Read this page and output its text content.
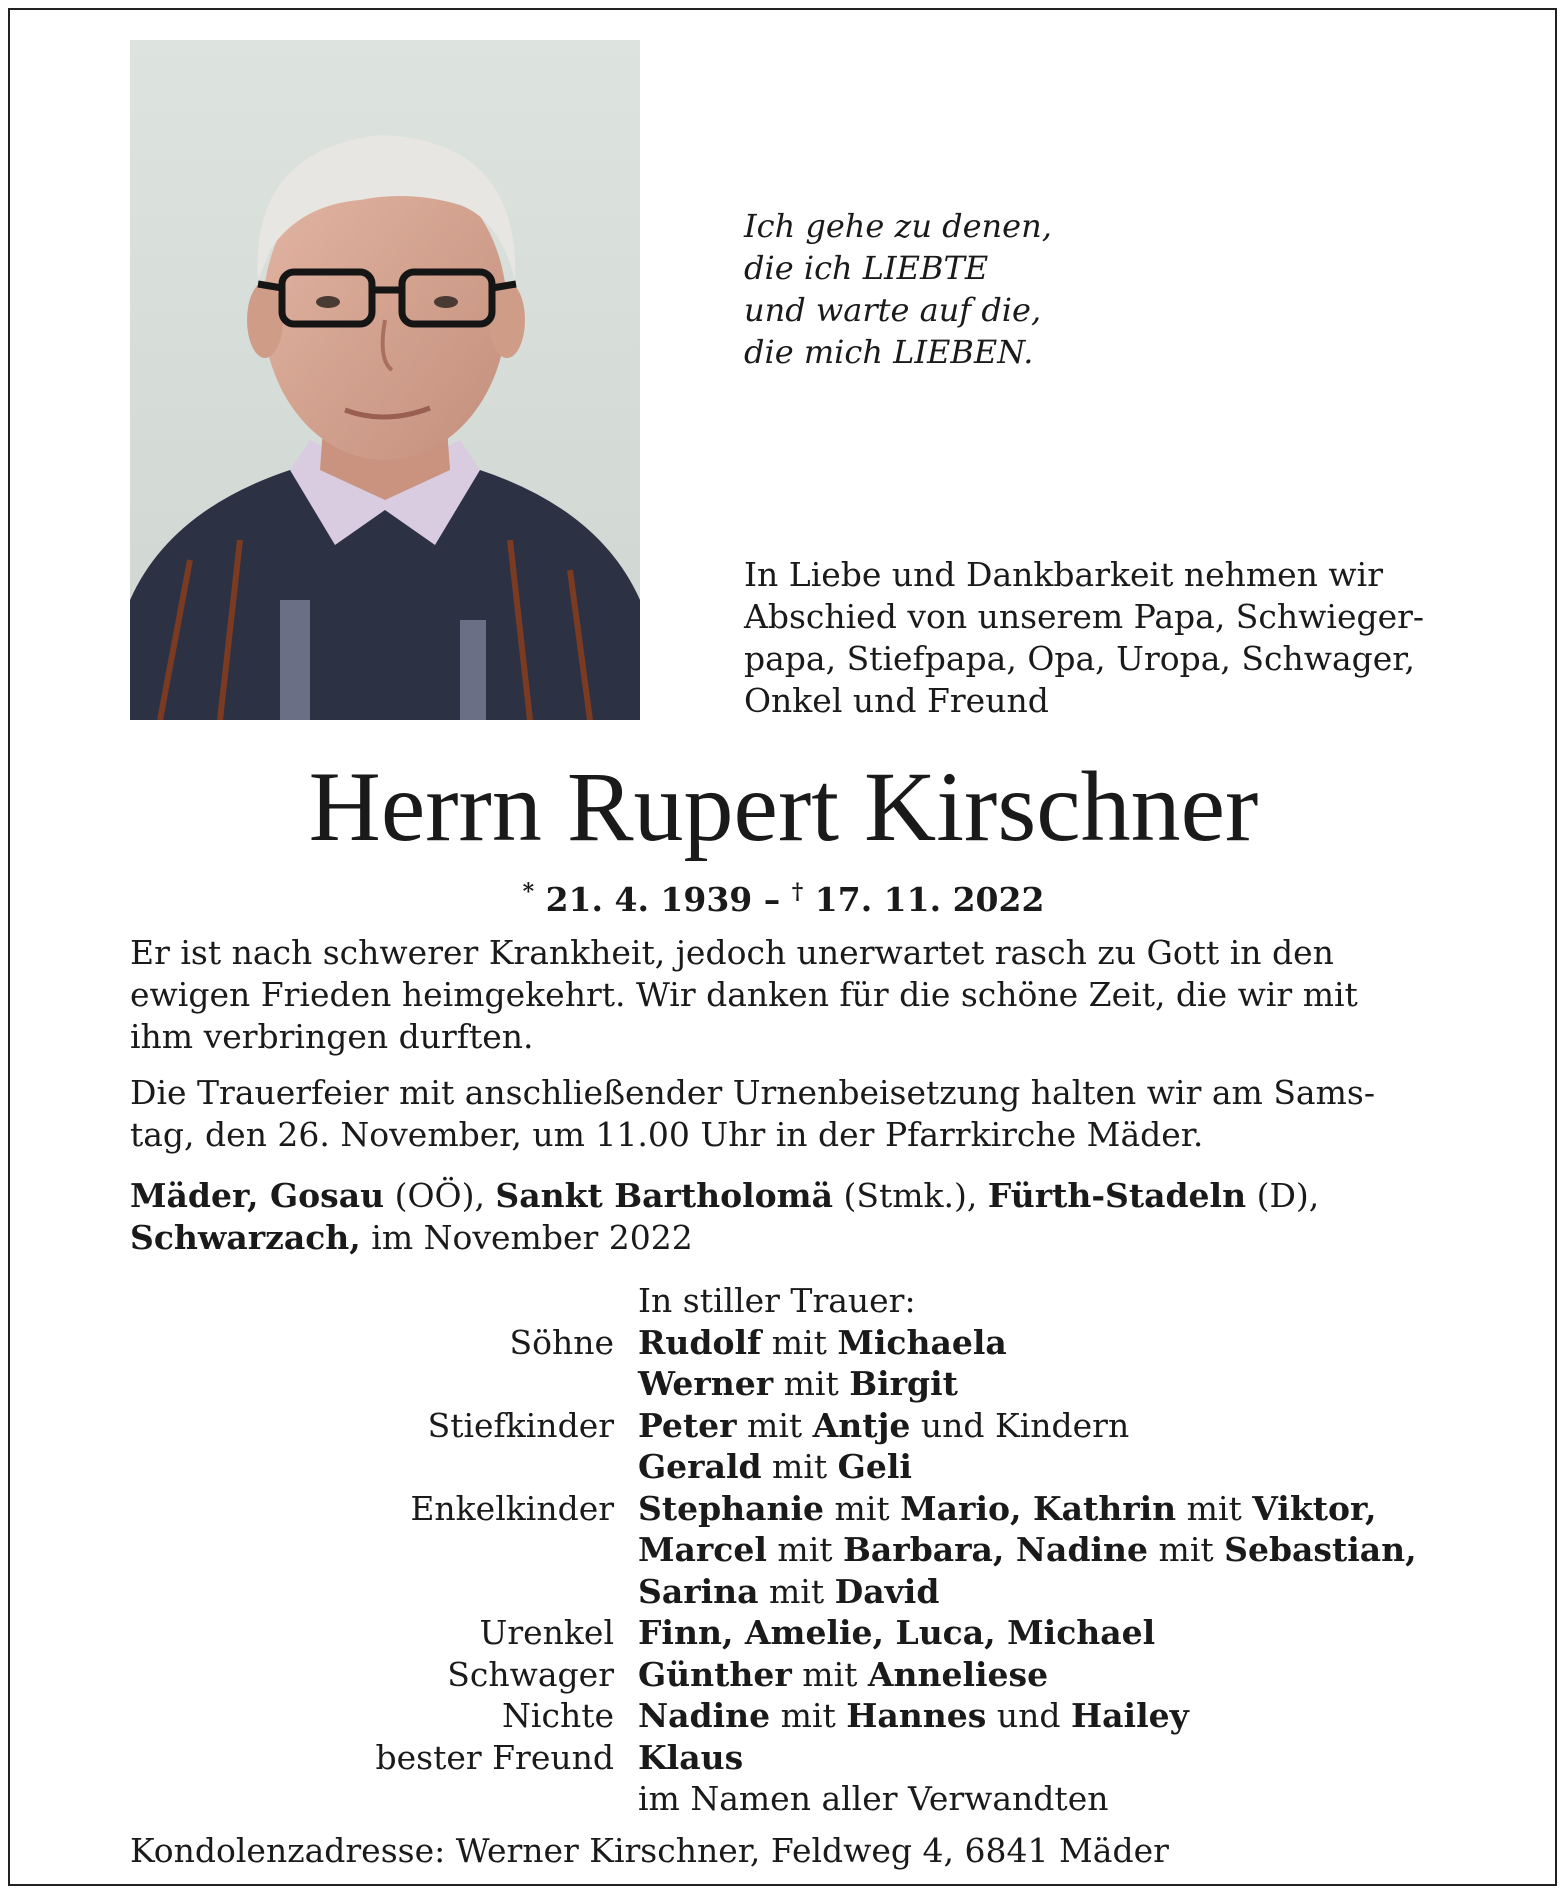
Ich gehe zu denen,
die ich LIEBTE
und warte auf die,
die mich LIEBEN.
In Liebe und Dankbarkeit nehmen wir
Abschied von unserem Papa, Schwieger-
papa, Stiefpapa, Opa, Uropa, Schwager,
Onkel und Freund
Herrn Rupert Kirschner
* 21. 4. 1939 – † 17. 11. 2022
Er ist nach schwerer Krankheit, jedoch unerwartet rasch zu Gott in den
ewigen Frieden heimgekehrt. Wir danken für die schöne Zeit, die wir mit
ihm verbringen durften.
Die Trauerfeier mit anschließender Urnenbeisetzung halten wir am Sams-
tag, den 26. November, um 11.00 Uhr in der Pfarrkirche Mäder.
Mäder, Gosau (OÖ), Sankt Bartholomä (Stmk.), Fürth-Stadeln (D),
Schwarzach, im November 2022
In stiller Trauer:
Söhne Rudolf mit Michaela
Werner mit Birgit
Stiefkinder Peter mit Antje und Kindern
Gerald mit Geli
Enkelkinder Stephanie mit Mario, Kathrin mit Viktor,
Marcel mit Barbara, Nadine mit Sebastian,
Sarina mit David
Urenkel Finn, Amelie, Luca, Michael
Schwager Günther mit Anneliese
Nichte Nadine mit Hannes und Hailey
bester Freund Klaus
im Namen aller Verwandten
Kondolenzadresse: Werner Kirschner, Feldweg 4, 6841 Mäder
